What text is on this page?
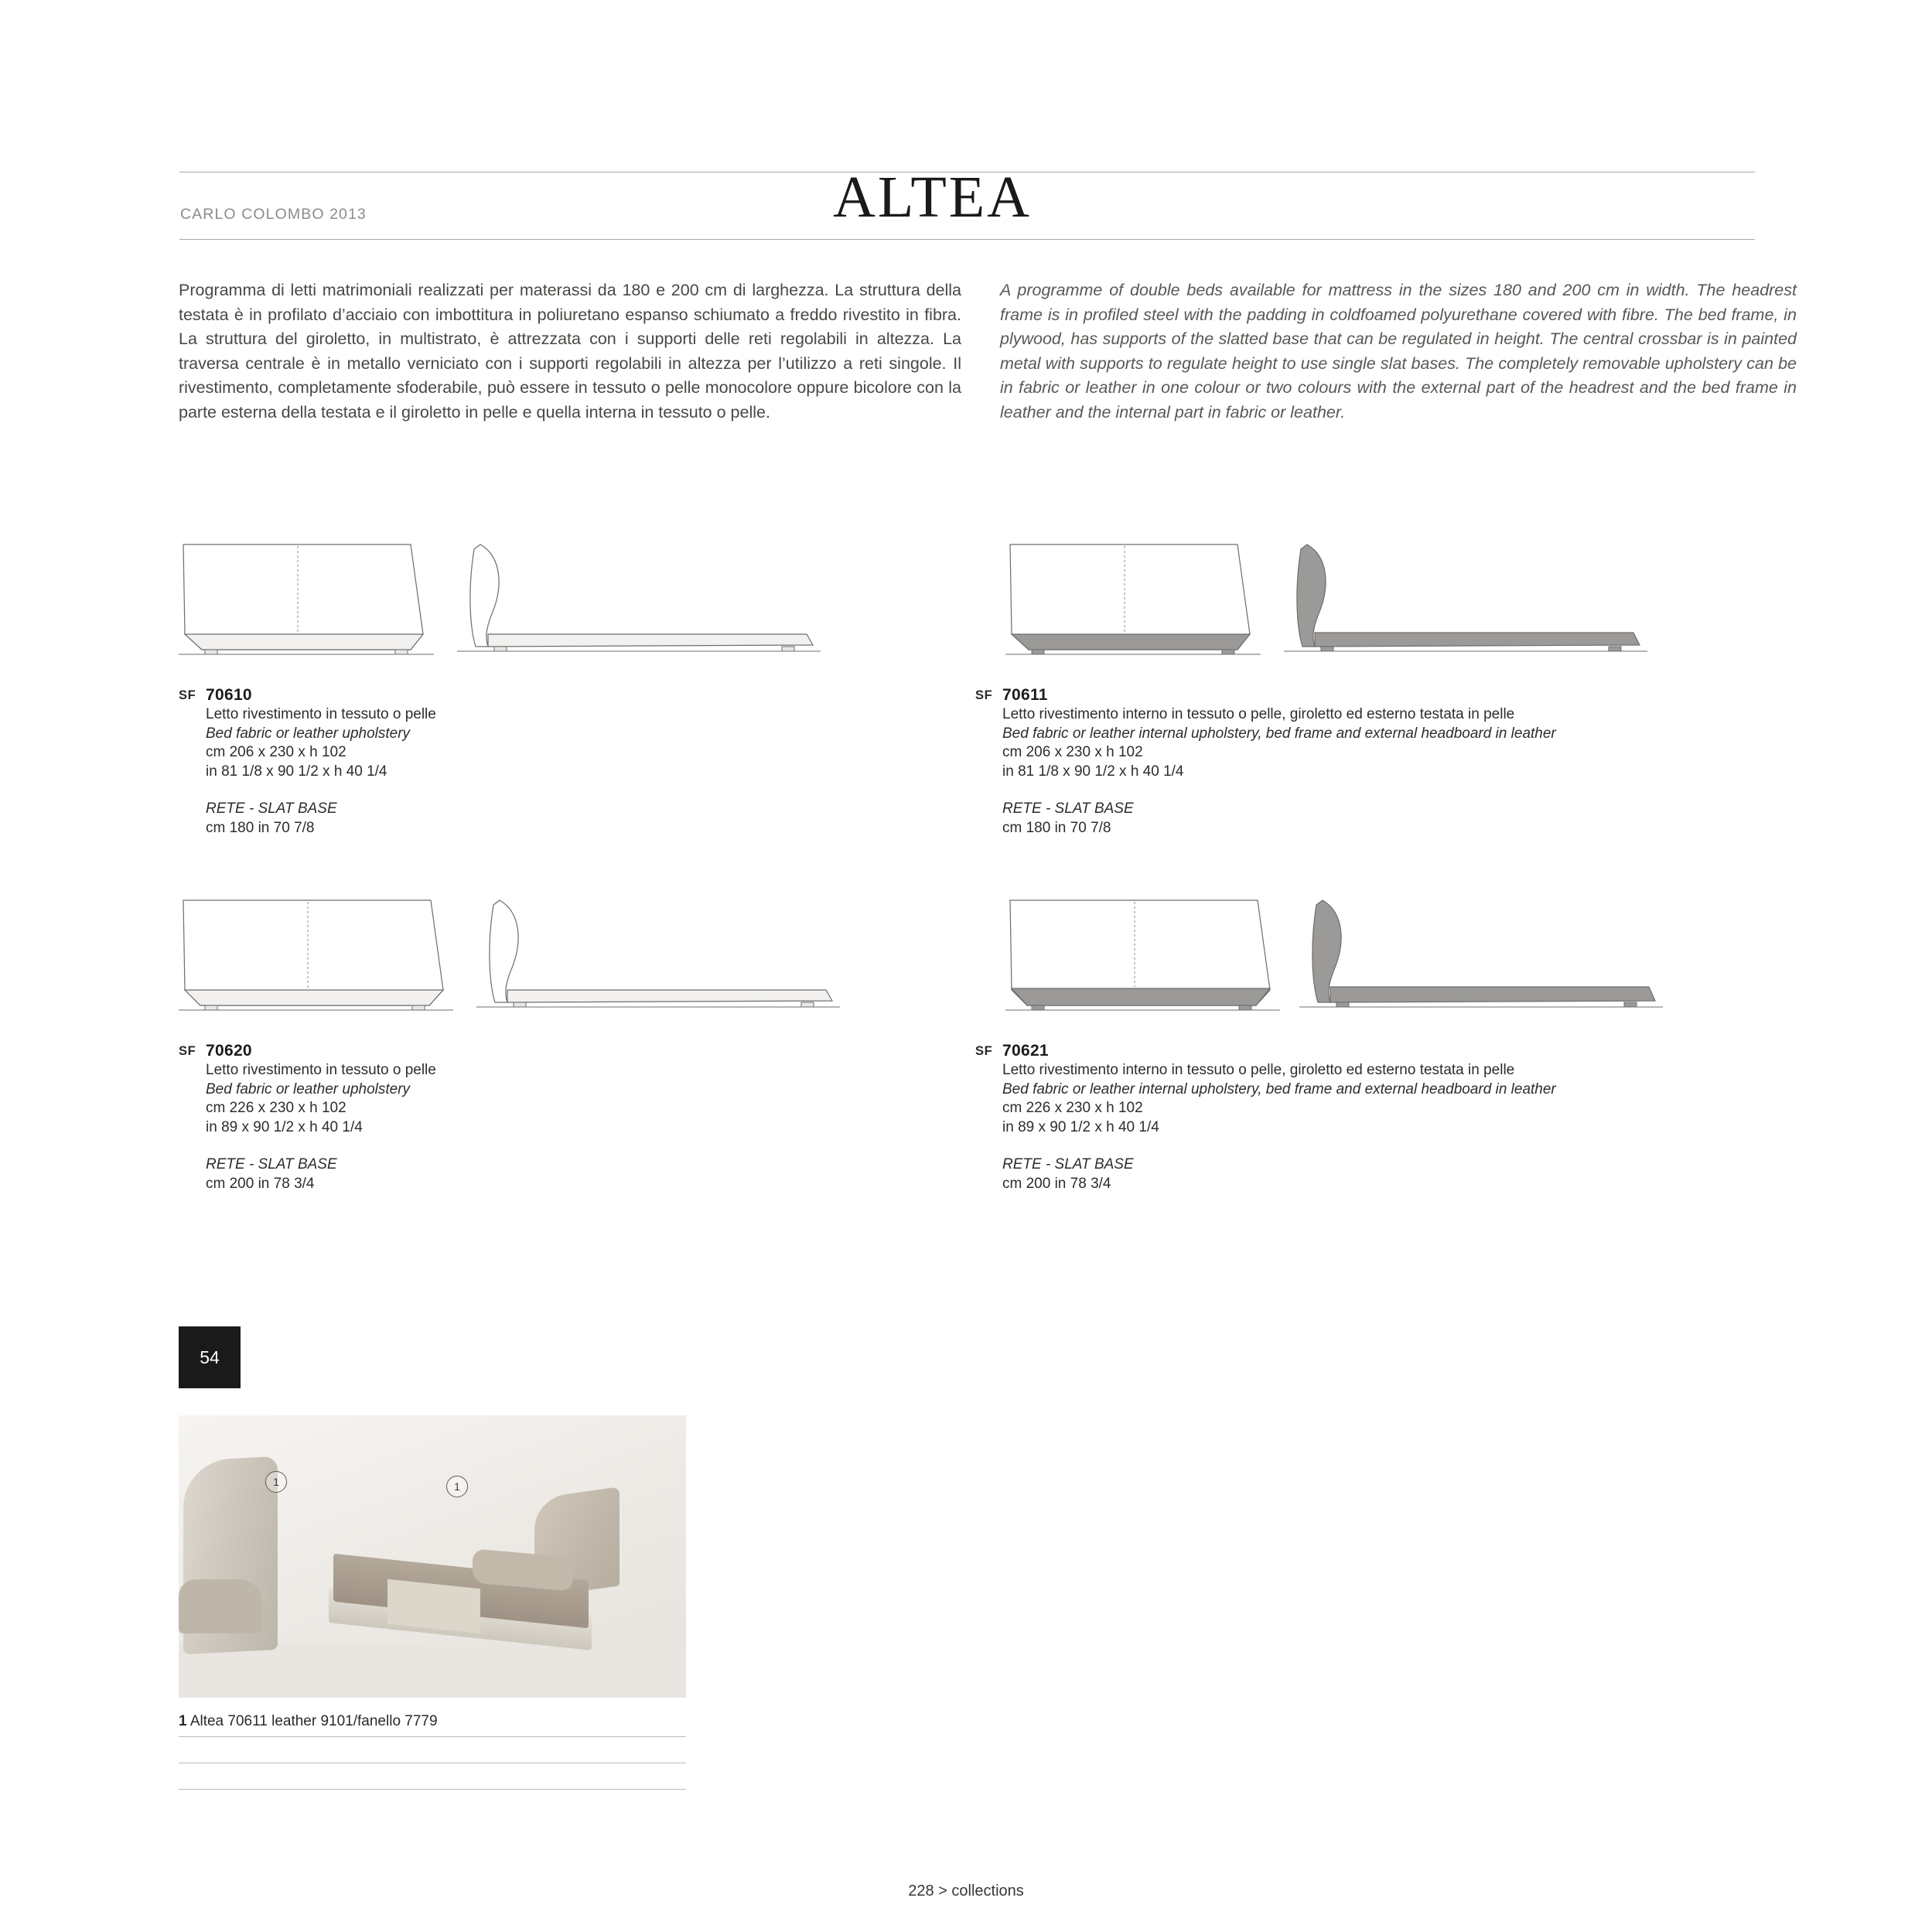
CARLO COLOMBO 2013	ALTEA

Programma di letti matrimoniali realizzati per materassi da 180 e 200 cm di larghezza. La struttura della testata è in profilato d’acciaio con imbottitura in poliuretano espanso schiumato a freddo rivestito in fibra. La struttura del giroletto, in multistrato, è attrezzata con i supporti delle reti regolabili in altezza. La traversa centrale è in metallo verniciato con i supporti regolabili in altezza per l’utilizzo a reti singole. Il rivestimento, completamente sfoderabile, può essere in tessuto o pelle monocolore oppure bicolore con la parte esterna della testata e il giroletto in pelle e quella interna in tessuto o pelle.

A programme of double beds available for mattress in the sizes 180 and 200 cm in width. The headrest frame is in profiled steel with the padding in coldfoamed polyurethane covered with fibre. The bed frame, in plywood, has supports of the slatted base that can be regulated in height. The central crossbar is in painted metal with supports to regulate height to use single slat bases. The completely removable upholstery can be in fabric or leather in one colour or two colours with the external part of the headrest and the bed frame in leather and the internal part in fabric or leather.

SF 70610
Letto rivestimento in tessuto o pelle
Bed fabric or leather upholstery
cm 206 x 230 x h 102
in 81 1/8 x 90 1/2 x h 40 1/4
RETE - SLAT BASE
cm 180 in 70 7/8
SF 70611
Letto rivestimento interno in tessuto o pelle, giroletto ed esterno testata in pelle
Bed fabric or leather internal upholstery, bed frame and external headboard in leather
cm 206 x 230 x h 102
in 81 1/8 x 90 1/2 x h 40 1/4
RETE - SLAT BASE
cm 180 in 70 7/8
SF 70620
Letto rivestimento in tessuto o pelle
Bed fabric or leather upholstery
cm 226 x 230 x h 102
in 89 x 90 1/2 x h 40 1/4
RETE - SLAT BASE
cm 200 in 78 3/4
SF 70621
Letto rivestimento interno in tessuto o pelle, giroletto ed esterno testata in pelle
Bed fabric or leather internal upholstery, bed frame and external headboard in leather
cm 226 x 230 x h 102
in 89 x 90 1/2 x h 40 1/4
RETE - SLAT BASE
cm 200 in 78 3/4
54
1	1
1 Altea 70611 leather 9101/fanello 7779
228 > collections
